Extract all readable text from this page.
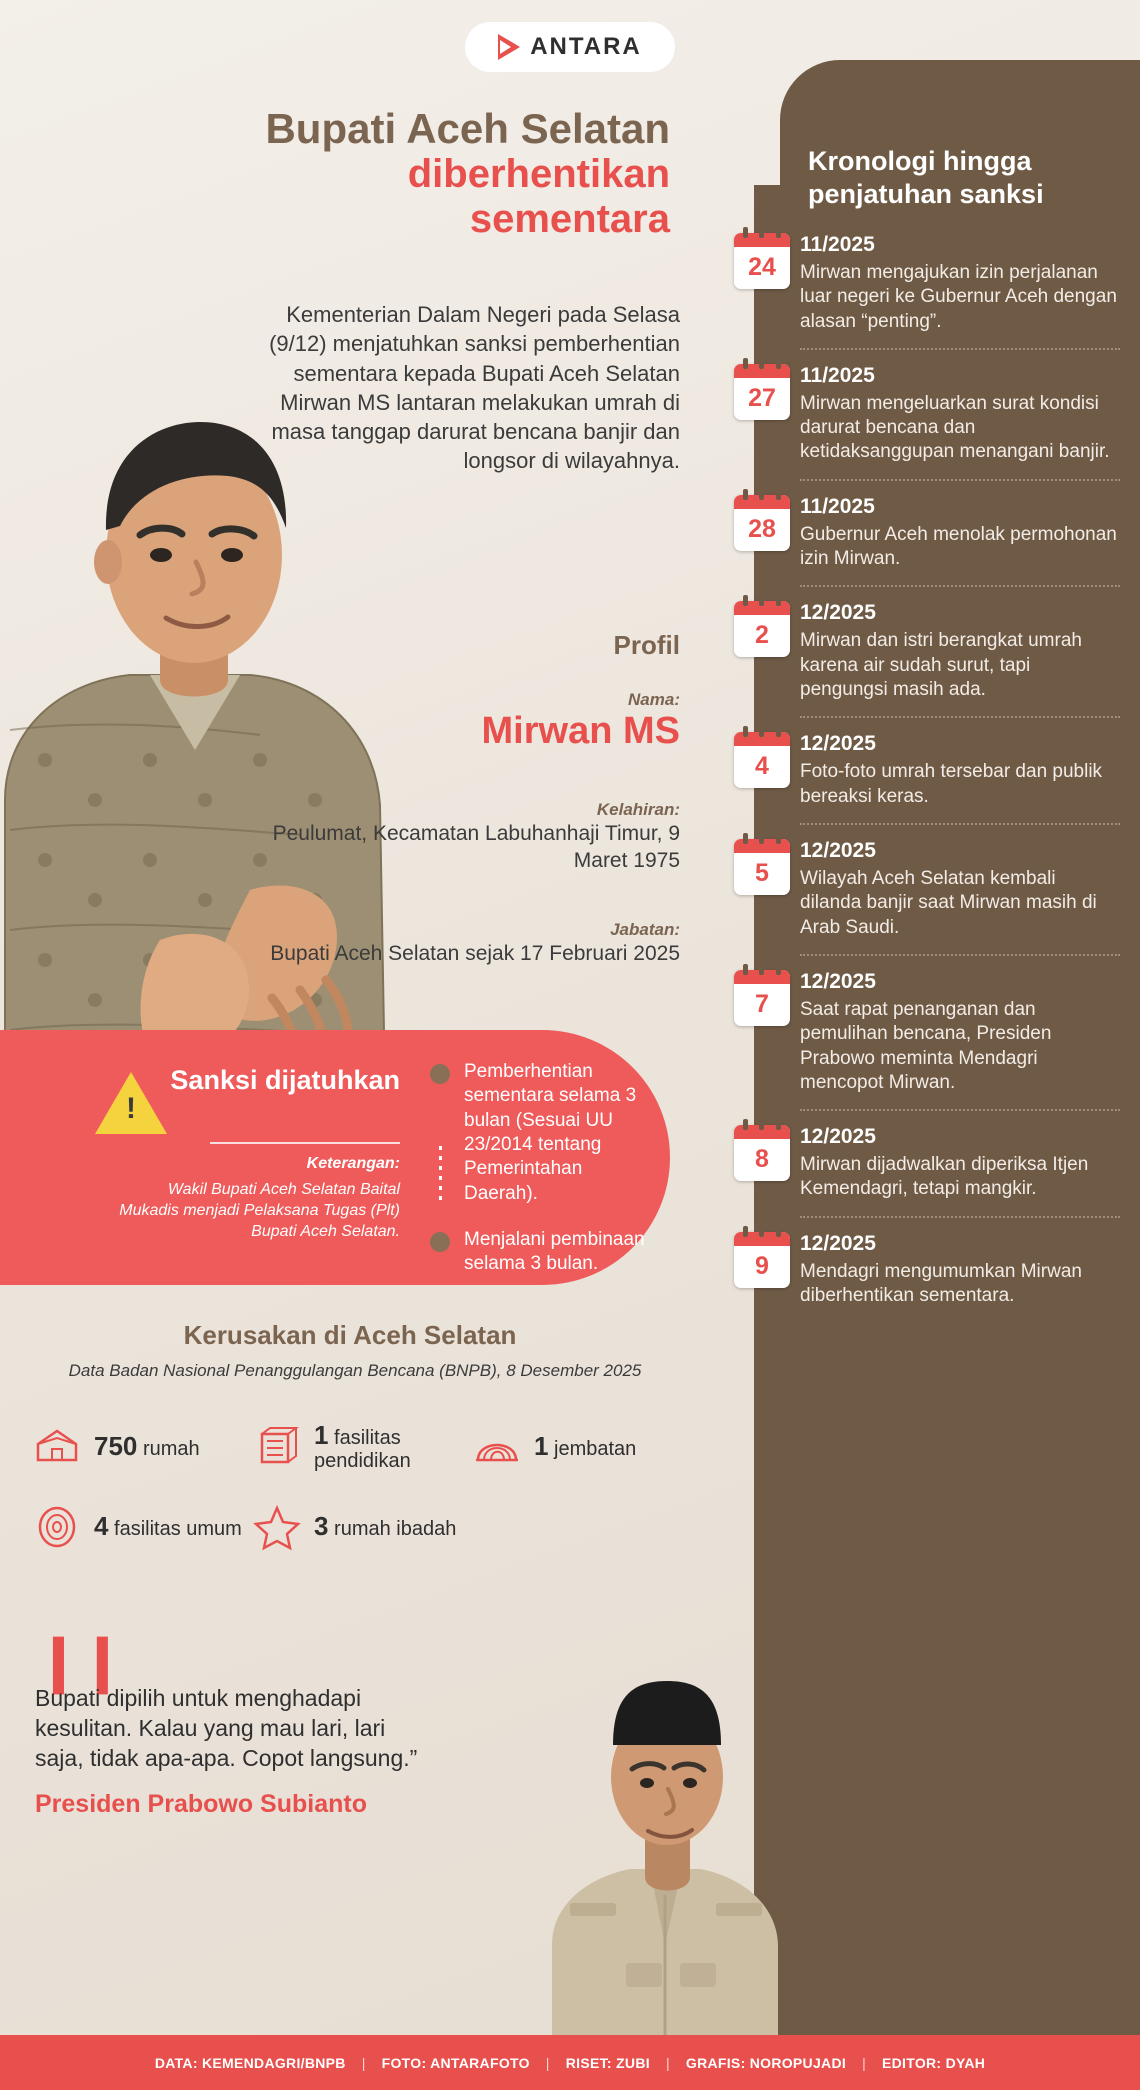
Kronologi hingga penjatuhan sanksi
11/2025
Mirwan mengajukan izin perjalanan luar negeri ke Gubernur Aceh dengan alasan “penting”.
11/2025
Mirwan mengeluarkan surat kondisi darurat bencana dan ketidaksanggupan menangani banjir.
11/2025
Gubernur Aceh menolak permohonan izin Mirwan.
12/2025
Mirwan dan istri berangkat umrah karena air sudah surut, tapi pengungsi masih ada.
12/2025
Foto-foto umrah tersebar dan publik bereaksi keras.
12/2025
Wilayah Aceh Selatan kembali dilanda banjir saat Mirwan masih di Arab Saudi.
12/2025
Saat rapat penanganan dan pemulihan bencana, Presiden Prabowo meminta Mendagri mencopot Mirwan.
12/2025
Mirwan dijadwalkan diperiksa Itjen Kemendagri, tetapi mangkir.
12/2025
Mendagri mengumumkan Mirwan diberhentikan sementara.
24
27
28
2
4
5
7
8
9
ANTARA
Bupati Aceh Selatan
diberhentikan
sementara
Kementerian Dalam Negeri pada Selasa (9/12) menjatuhkan sanksi pemberhentian sementara kepada Bupati Aceh Selatan Mirwan MS lantaran melakukan umrah di masa tanggap darurat bencana banjir dan longsor di wilayahnya.
Profil
Nama:
Mirwan MS
Kelahiran:
Peulumat, Kecamatan Labuhanhaji Timur, 9 Maret 1975
Jabatan:
Bupati Aceh Selatan sejak 17 Februari 2025
!
Sanksi dijatuhkan
Keterangan:
Wakil Bupati Aceh Selatan Baital Mukadis menjadi Pelaksana Tugas (Plt) Bupati Aceh Selatan.
Pemberhentian sementara selama 3 bulan (Sesuai UU 23/2014 tentang Pemerintahan Daerah).
Menjalani pembinaan selama 3 bulan.
Kerusakan di Aceh Selatan
Data Badan Nasional Penanggulangan Bencana (BNPB), 8 Desember 2025
750 rumah	1 fasilitas pendidikan
1 jembatan
4 fasilitas umum	3 rumah ibadah
❙❙
Bupati dipilih untuk menghadapi kesulitan. Kalau yang mau lari, lari saja, tidak apa-apa. Copot langsung.”
Presiden Prabowo Subianto
DATA: KEMENDAGRI/BNPB | FOTO: ANTARAFOTO | RISET: ZUBI | GRAFIS: NOROPUJADI | EDITOR: DYAH
